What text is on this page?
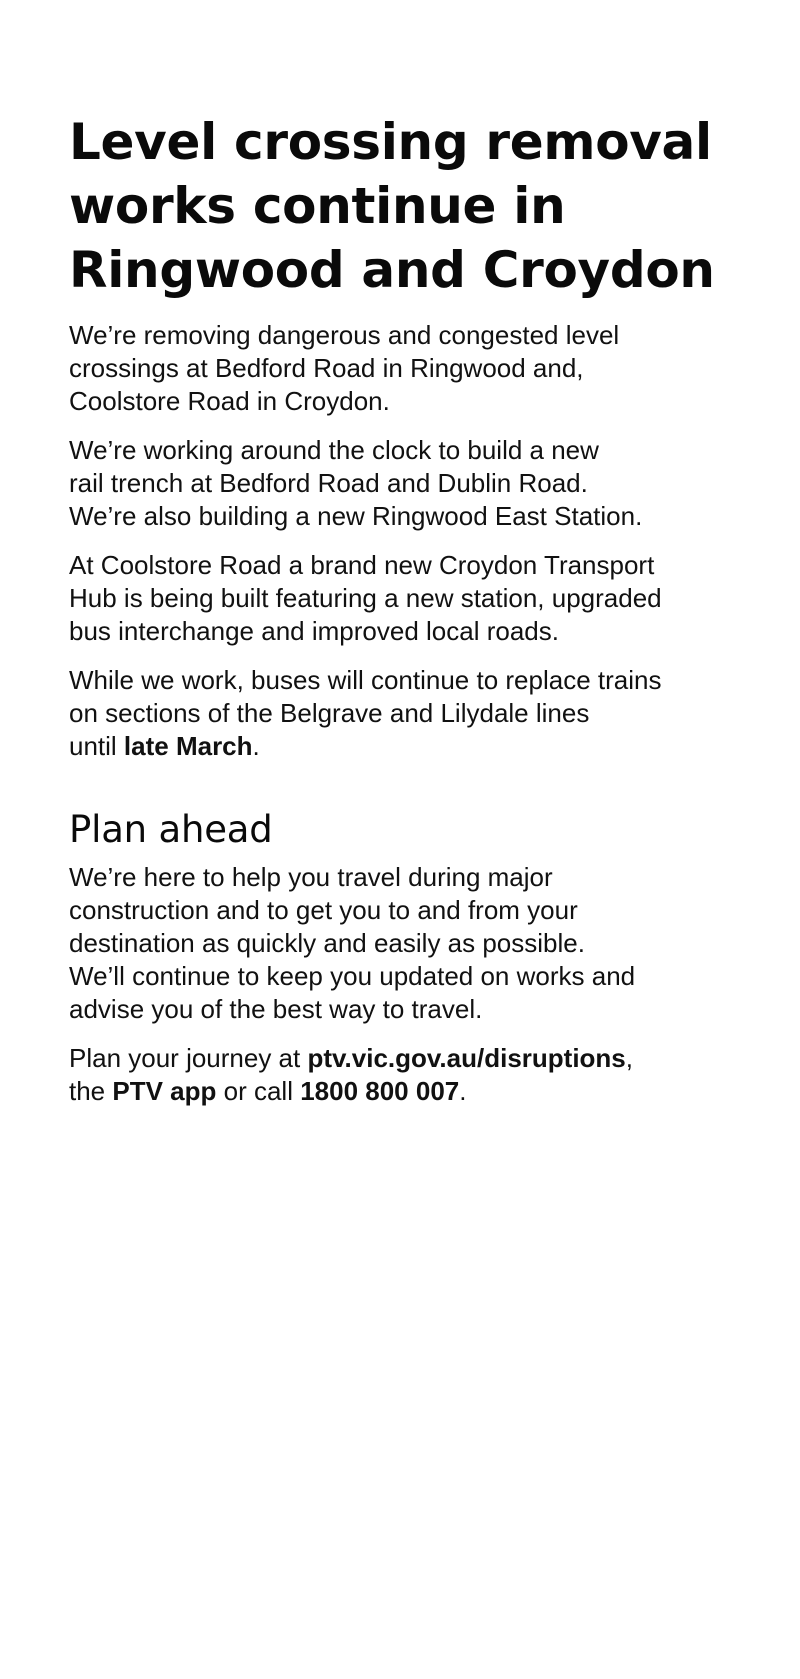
Level crossing removal
works continue in
Ringwood and Croydon

We’re removing dangerous and congested level
crossings at Bedford Road in Ringwood and,
Coolstore Road in Croydon.

We’re working around the clock to build a new
rail trench at Bedford Road and Dublin Road.
We’re also building a new Ringwood East Station.

At Coolstore Road a brand new Croydon Transport
Hub is being built featuring a new station, upgraded
bus interchange and improved local roads.

While we work, buses will continue to replace trains
on sections of the Belgrave and Lilydale lines
until late March.

Plan ahead

We’re here to help you travel during major
construction and to get you to and from your
destination as quickly and easily as possible.
We’ll continue to keep you updated on works and
advise you of the best way to travel.

Plan your journey at ptv.vic.gov.au/disruptions,
the PTV app or call 1800 800 007.
